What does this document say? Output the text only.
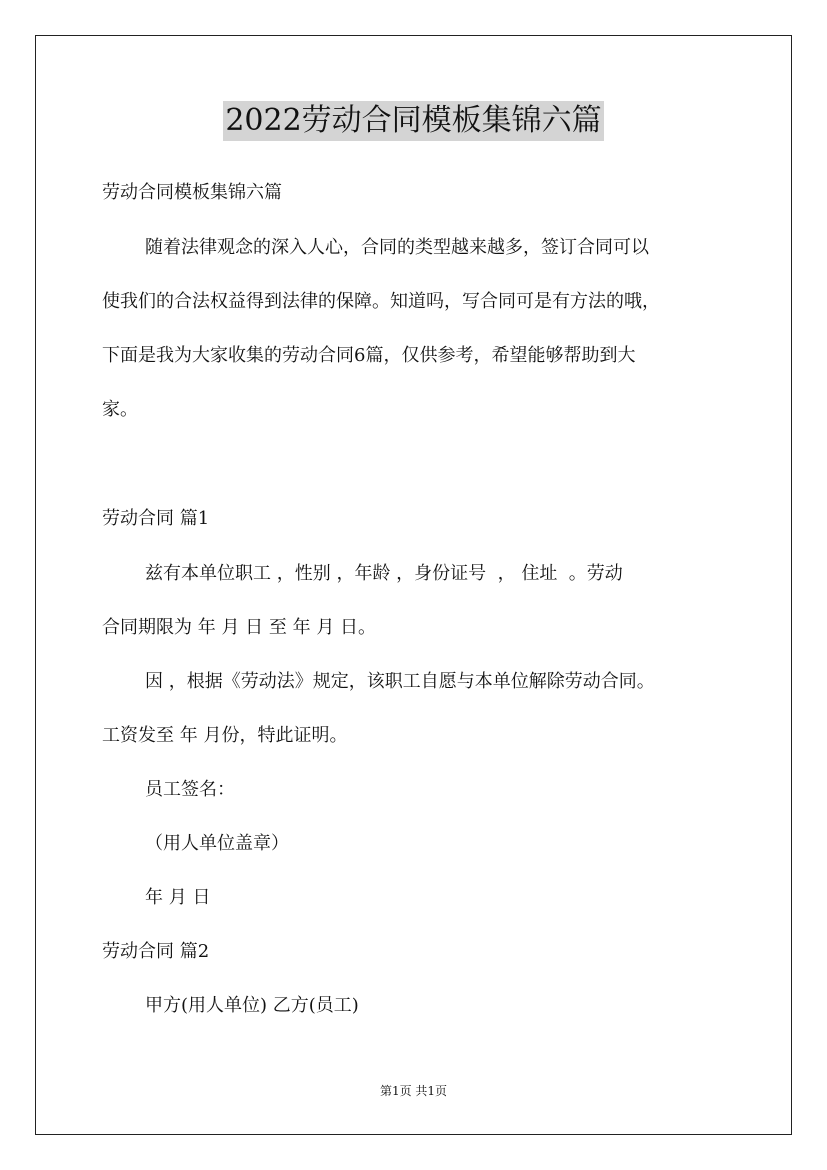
2022劳动合同模板集锦六篇
劳动合同模板集锦六篇
随着法律观念的深入人心，合同的类型越来越多，签订合同可以
使我们的合法权益得到法律的保障。知道吗，写合同可是有方法的哦，
下面是我为大家收集的劳动合同6篇，仅供参考，希望能够帮助到大
家。
劳动合同 篇1
兹有本单位职工 ，性别 ，年龄 ，身份证号  ， 住址  。劳动
合同期限为 年 月 日 至 年 月 日。
因 ，根据《劳动法》规定，该职工自愿与本单位解除劳动合同。
工资发至 年 月份，特此证明。
员工签名：
（用人单位盖章）
年 月 日
劳动合同 篇2
甲方(用人单位) 乙方(员工)
第1页 共1页
